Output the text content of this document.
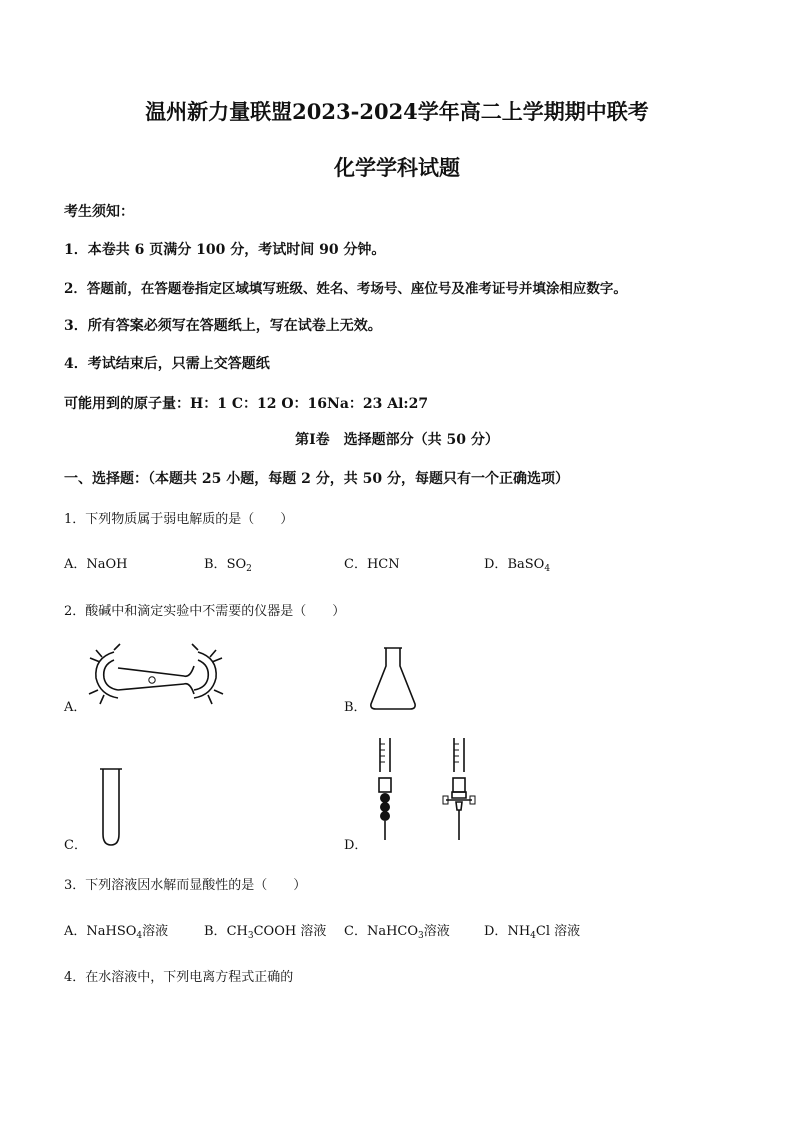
温州新力量联盟2023-2024学年高二上学期期中联考
化学学科试题
考生须知：
1．本卷共 6 页满分 100 分，考试时间 90 分钟。
2．答题前，在答题卷指定区域填写班级、姓名、考场号、座位号及准考证号并填涂相应数字。
3．所有答案必须写在答题纸上，写在试卷上无效。
4．考试结束后，只需上交答题纸
可能用到的原子量：H：1 C：12 O：16Na：23 Al:27
第Ⅰ卷　选择题部分（共 50 分）
一、选择题：（本题共 25 小题，每题 2 分，共 50 分，每题只有一个正确选项）
1．下列物质属于弱电解质的是（　　）
A．NaOH	B．$SO_2$	C．HCN	D．BaSO$_4$
2．酸碱中和滴定实验中不需要的仪器是（　　）
A．	B．
C．	D．
3．下列溶液因水解而显酸性的是（　　）
A．NaHSO$_4$溶液	B．$CH_3COOH$ 溶液 C．NaHCO$_3$溶液	D．$NH_4Cl$ 溶液
4．在水溶液中，下列电离方程式正确的
